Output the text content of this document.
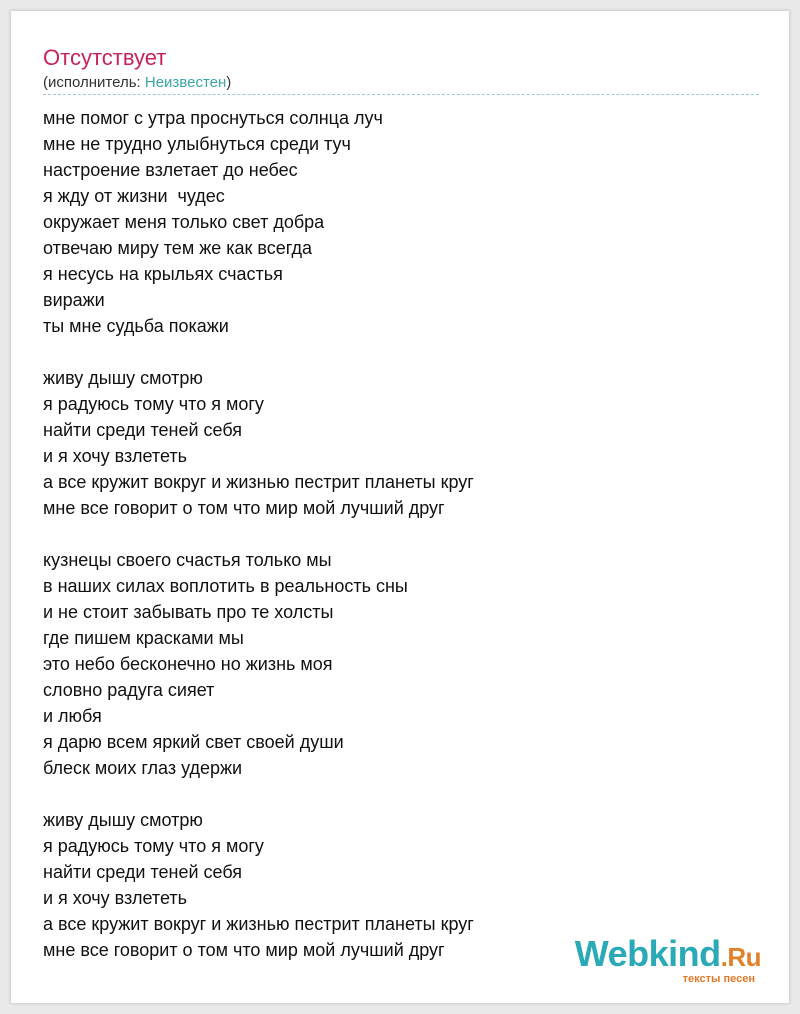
Отсутствует
(исполнитель: Неизвестен)
мне помог с утра проснуться солнца луч
мне не трудно улыбнуться среди туч
настроение взлетает до небес
я жду от жизни  чудес
окружает меня только свет добра
отвечаю миру тем же как всегда
я несусь на крыльях счастья
виражи
ты мне судьба покажи
живу дышу смотрю
я радуюсь тому что я могу
найти среди теней себя
и я хочу взлететь
а все кружит вокруг и жизнью пестрит планеты круг
мне все говорит о том что мир мой лучший друг
кузнецы своего счастья только мы
в наших силах воплотить в реальность сны
и не стоит забывать про те холсты
где пишем красками мы
это небо бесконечно но жизнь моя
словно радуга сияет
и любя
я дарю всем яркий свет своей души
блеск моих глаз удержи
живу дышу смотрю
я радуюсь тому что я могу
найти среди теней себя
и я хочу взлететь
а все кружит вокруг и жизнью пестрит планеты круг
мне все говорит о том что мир мой лучший друг	Webkind.Ru
тексты песен
